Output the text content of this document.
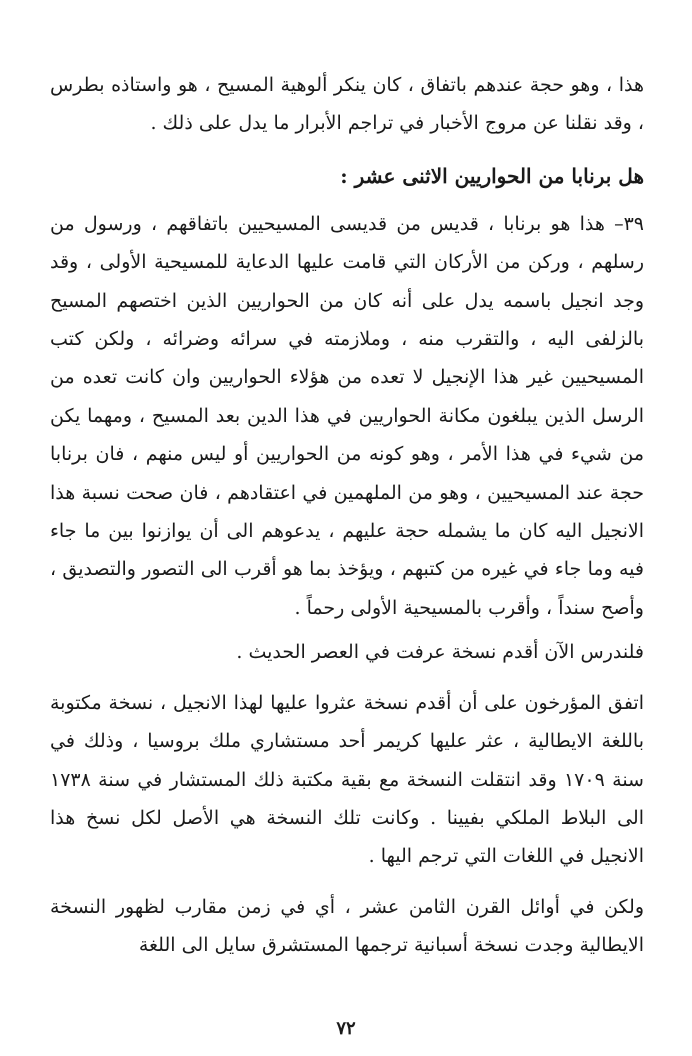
هذا ، وهو حجة عندهم باتفاق ، كان ينكر ألوهية المسيح ، هو واستاذه بطرس ، وقد نقلنا عن مروج الأخبار في تراجم الأبرار ما يدل على ذلك .

هل برنابا من الحواريين الاثنى عشر :

٣٩– هذا هو برنابا ، قديس من قديسى المسيحيين باتفاقهم ، ورسول من رسلهم ، وركن من الأركان التي قامت عليها الدعاية للمسيحية الأولى ، وقد وجد انجيل باسمه يدل على أنه كان من الحواريين الذين اختصهم المسيح بالزلفى اليه ، والتقرب منه ، وملازمته في سرائه وضرائه ، ولكن كتب المسيحيين غير هذا الإنجيل لا تعده من هؤلاء الحواريين وان كانت تعده من الرسل الذين يبلغون مكانة الحواريين في هذا الدين بعد المسيح ، ومهما يكن من شيء في هذا الأمر ، وهو كونه من الحواريين أو ليس منهم ، فان برنابا حجة عند المسيحيين ، وهو من الملهمين في اعتقادهم ، فان صحت نسبة هذا الانجيل اليه كان ما يشمله حجة عليهم ، يدعوهم الى أن يوازنوا بين ما جاء فيه وما جاء في غيره من كتبهم ، ويؤخذ بما هو أقرب الى التصور والتصديق ، وأصح سنداً ، وأقرب بالمسيحية الأولى رحماً .

فلندرس الآن أقدم نسخة عرفت في العصر الحديث .

اتفق المؤرخون على أن أقدم نسخة عثروا عليها لهذا الانجيل ، نسخة مكتوبة باللغة الايطالية ، عثر عليها كريمر أحد مستشاري ملك بروسيا ، وذلك في سنة ١٧٠٩ وقد انتقلت النسخة مع بقية مكتبة ذلك المستشار في سنة ١٧٣٨ الى البلاط الملكي بفيينا . وكانت تلك النسخة هي الأصل لكل نسخ هذا الانجيل في اللغات التي ترجم اليها .

ولكن في أوائل القرن الثامن عشر ، أي في زمن مقارب لظهور النسخة الايطالية وجدت نسخة أسبانية ترجمها المستشرق سايل الى اللغة

٧٢
